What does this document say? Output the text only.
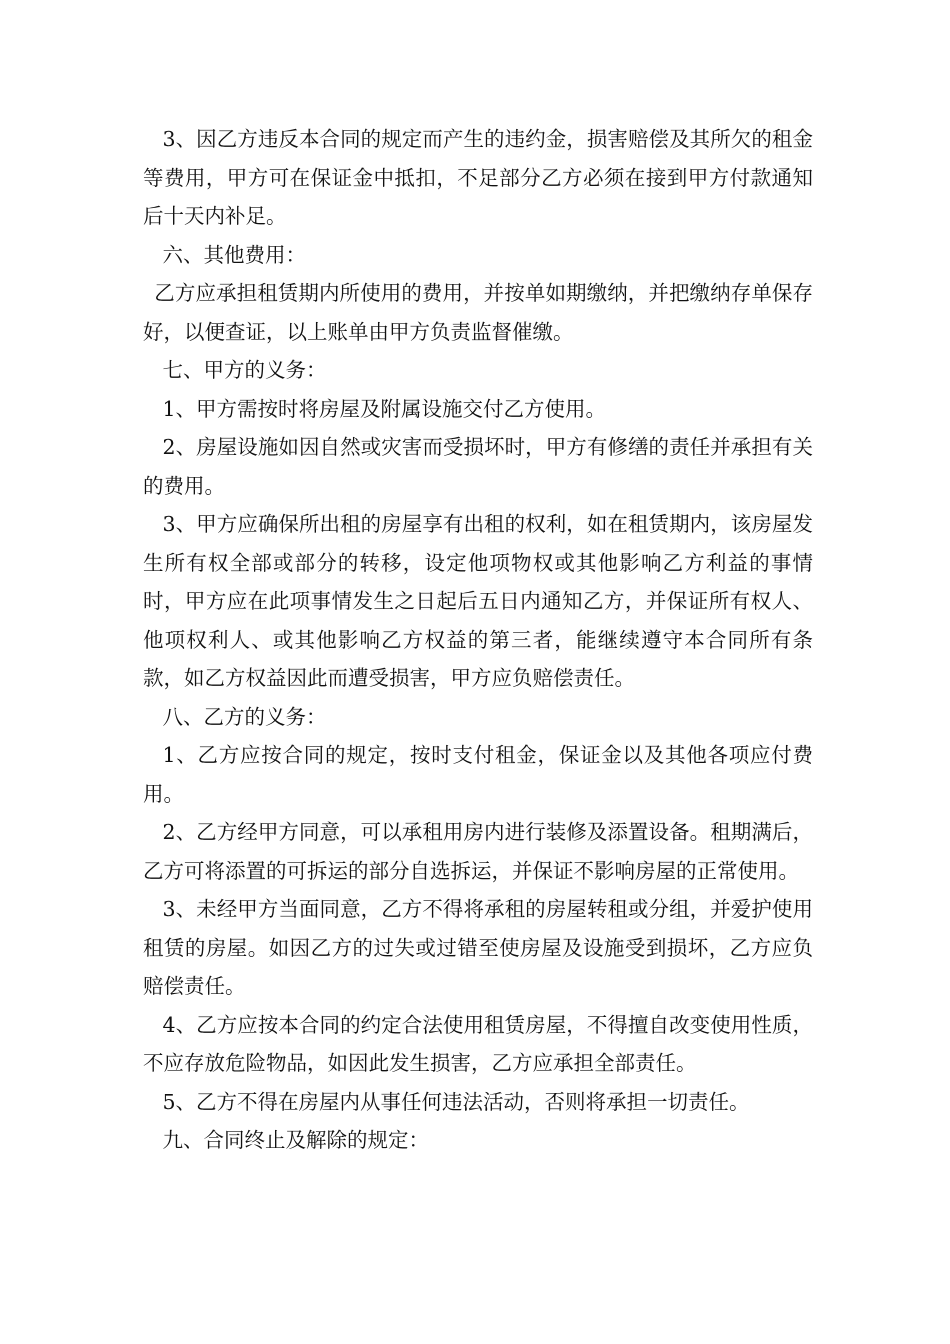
3、因乙方违反本合同的规定而产生的违约金，损害赔偿及其所欠的租金等费用，甲方可在保证金中抵扣，不足部分乙方必须在接到甲方付款通知后十天内补足。

六、其他费用：

乙方应承担租赁期内所使用的费用，并按单如期缴纳，并把缴纳存单保存好，以便查证，以上账单由甲方负责监督催缴。

七、甲方的义务：

1、甲方需按时将房屋及附属设施交付乙方使用。

2、房屋设施如因自然或灾害而受损坏时，甲方有修缮的责任并承担有关的费用。

3、甲方应确保所出租的房屋享有出租的权利，如在租赁期内，该房屋发生所有权全部或部分的转移，设定他项物权或其他影响乙方利益的事情时，甲方应在此项事情发生之日起后五日内通知乙方，并保证所有权人、他项权利人、或其他影响乙方权益的第三者，能继续遵守本合同所有条款，如乙方权益因此而遭受损害，甲方应负赔偿责任。

八、乙方的义务：

1、乙方应按合同的规定，按时支付租金，保证金以及其他各项应付费用。

2、乙方经甲方同意，可以承租用房内进行装修及添置设备。租期满后，乙方可将添置的可拆运的部分自选拆运，并保证不影响房屋的正常使用。

3、未经甲方当面同意，乙方不得将承租的房屋转租或分组，并爱护使用租赁的房屋。如因乙方的过失或过错至使房屋及设施受到损坏，乙方应负赔偿责任。

4、乙方应按本合同的约定合法使用租赁房屋，不得擅自改变使用性质，不应存放危险物品，如因此发生损害，乙方应承担全部责任。

5、乙方不得在房屋内从事任何违法活动，否则将承担一切责任。

九、合同终止及解除的规定：
